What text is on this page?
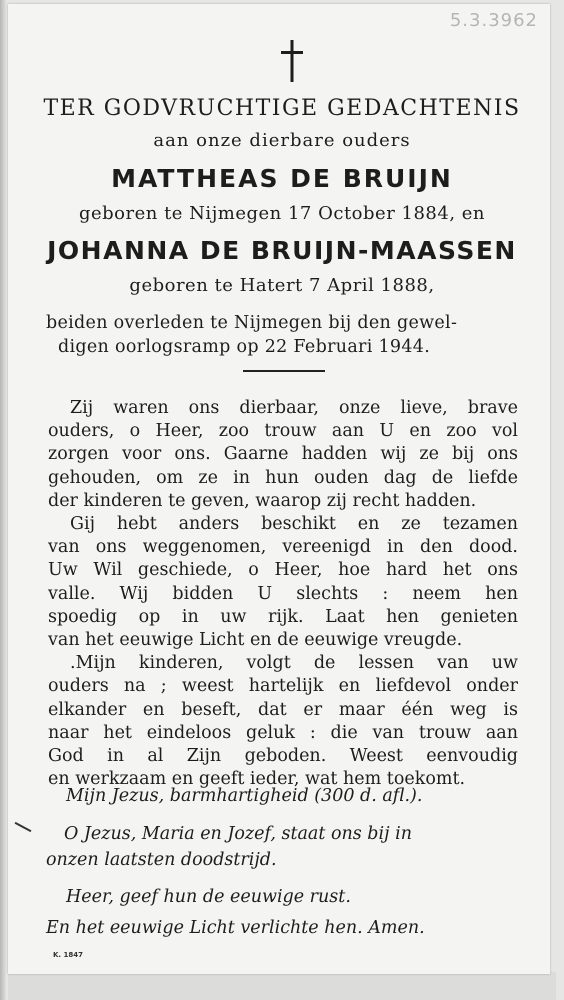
5.3.3962
TER GODVRUCHTIGE GEDACHTENIS
aan onze dierbare ouders
MATTHEAS DE BRUIJN
geboren te Nijmegen 17 October 1884, en
JOHANNA DE BRUIJN-MAASSEN
geboren te Hatert 7 April 1888,
beiden overleden te Nijmegen bij den gewel-
digen oorlogsramp op 22 Februari 1944.
Zij waren ons dierbaar, onze lieve, brave
ouders, o Heer, zoo trouw aan U en zoo vol
zorgen voor ons. Gaarne hadden wij ze bij ons
gehouden, om ze in hun ouden dag de liefde
der kinderen te geven, waarop zij recht hadden.
Gij hebt anders beschikt en ze tezamen
van ons weggenomen, vereenigd in den dood.
Uw Wil geschiede, o Heer, hoe hard het ons
valle. Wij bidden U slechts : neem hen
spoedig op in uw rijk. Laat hen genieten
van het eeuwige Licht en de eeuwige vreugde.
.Mijn kinderen, volgt de lessen van uw
ouders na ; weest hartelijk en liefdevol onder
elkander en beseft, dat er maar één weg is
naar het eindeloos geluk : die van trouw aan
God in al Zijn geboden. Weest eenvoudig
en werkzaam en geeft ieder, wat hem toekomt.
Mijn Jezus, barmhartigheid (300 d. afl.).
O Jezus, Maria en Jozef, staat ons bij in
onzen laatsten doodstrijd.
Heer, geef hun de eeuwige rust.
En het eeuwige Licht verlichte hen. Amen.
K. 1847
